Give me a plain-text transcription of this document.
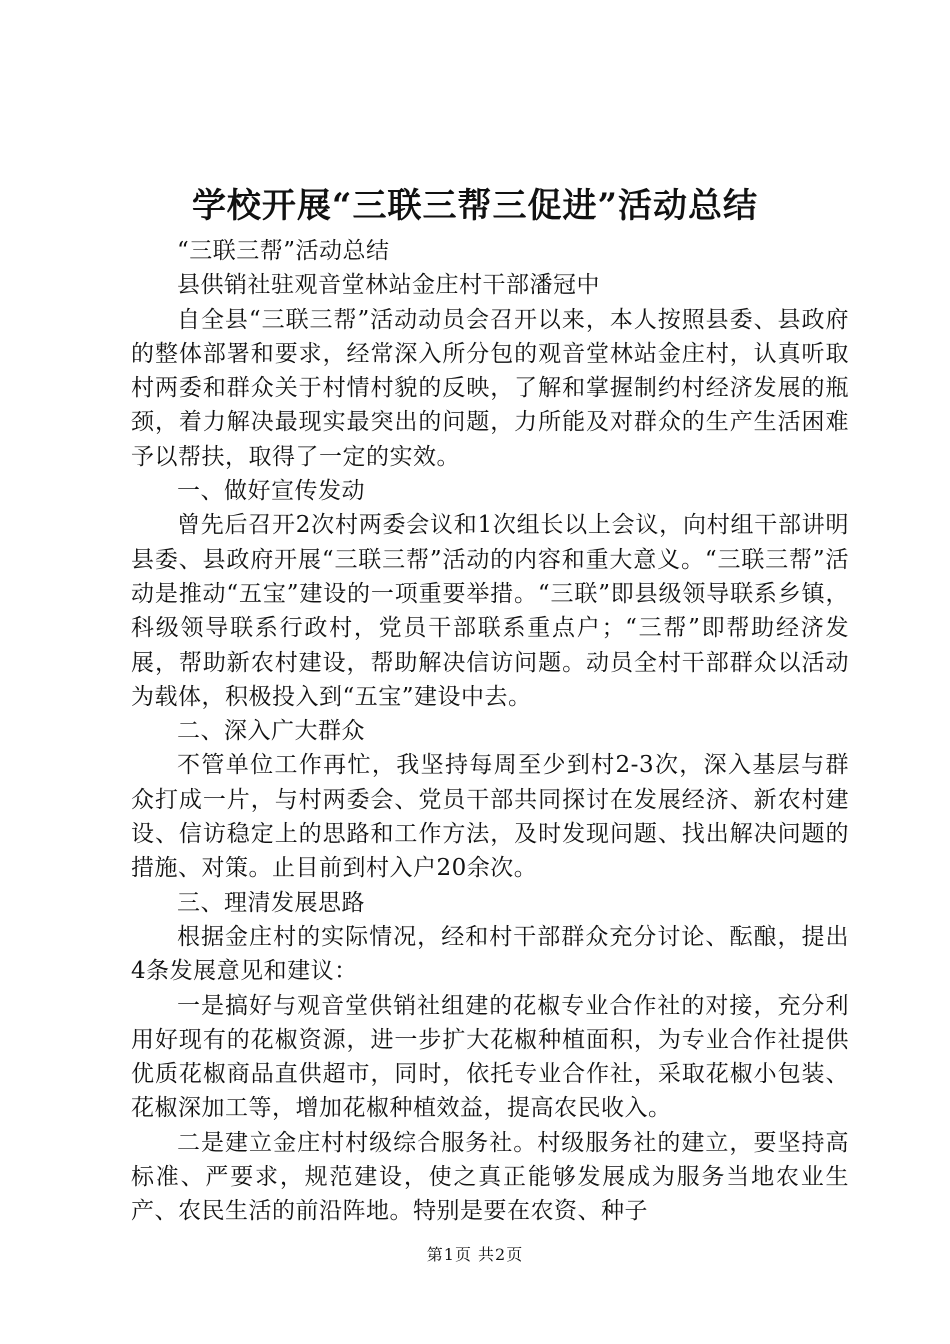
学校开展“三联三帮三促进”活动总结

“三联三帮”活动总结

县供销社驻观音堂林站金庄村干部潘冠中

自全县“三联三帮”活动动员会召开以来，本人按照县委、县政府的整体部署和要求，经常深入所分包的观音堂林站金庄村，认真听取村两委和群众关于村情村貌的反映，了解和掌握制约村经济发展的瓶颈，着力解决最现实最突出的问题，力所能及对群众的生产生活困难予以帮扶，取得了一定的实效。

一、做好宣传发动

曾先后召开2次村两委会议和1次组长以上会议，向村组干部讲明县委、县政府开展“三联三帮”活动的内容和重大意义。“三联三帮”活动是推动“五宝”建设的一项重要举措。“三联”即县级领导联系乡镇，科级领导联系行政村，党员干部联系重点户；“三帮”即帮助经济发展，帮助新农村建设，帮助解决信访问题。动员全村干部群众以活动为载体，积极投入到“五宝”建设中去。

二、深入广大群众

不管单位工作再忙，我坚持每周至少到村2-3次，深入基层与群众打成一片，与村两委会、党员干部共同探讨在发展经济、新农村建设、信访稳定上的思路和工作方法，及时发现问题、找出解决问题的措施、对策。止目前到村入户20余次。

三、理清发展思路

根据金庄村的实际情况，经和村干部群众充分讨论、酝酿，提出4条发展意见和建议：

一是搞好与观音堂供销社组建的花椒专业合作社的对接，充分利用好现有的花椒资源，进一步扩大花椒种植面积，为专业合作社提供优质花椒商品直供超市，同时，依托专业合作社，采取花椒小包装、花椒深加工等，增加花椒种植效益，提高农民收入。

二是建立金庄村村级综合服务社。村级服务社的建立，要坚持高标准、严要求，规范建设，使之真正能够发展成为服务当地农业生产、农民生活的前沿阵地。特别是要在农资、种子

第1页 共2页
